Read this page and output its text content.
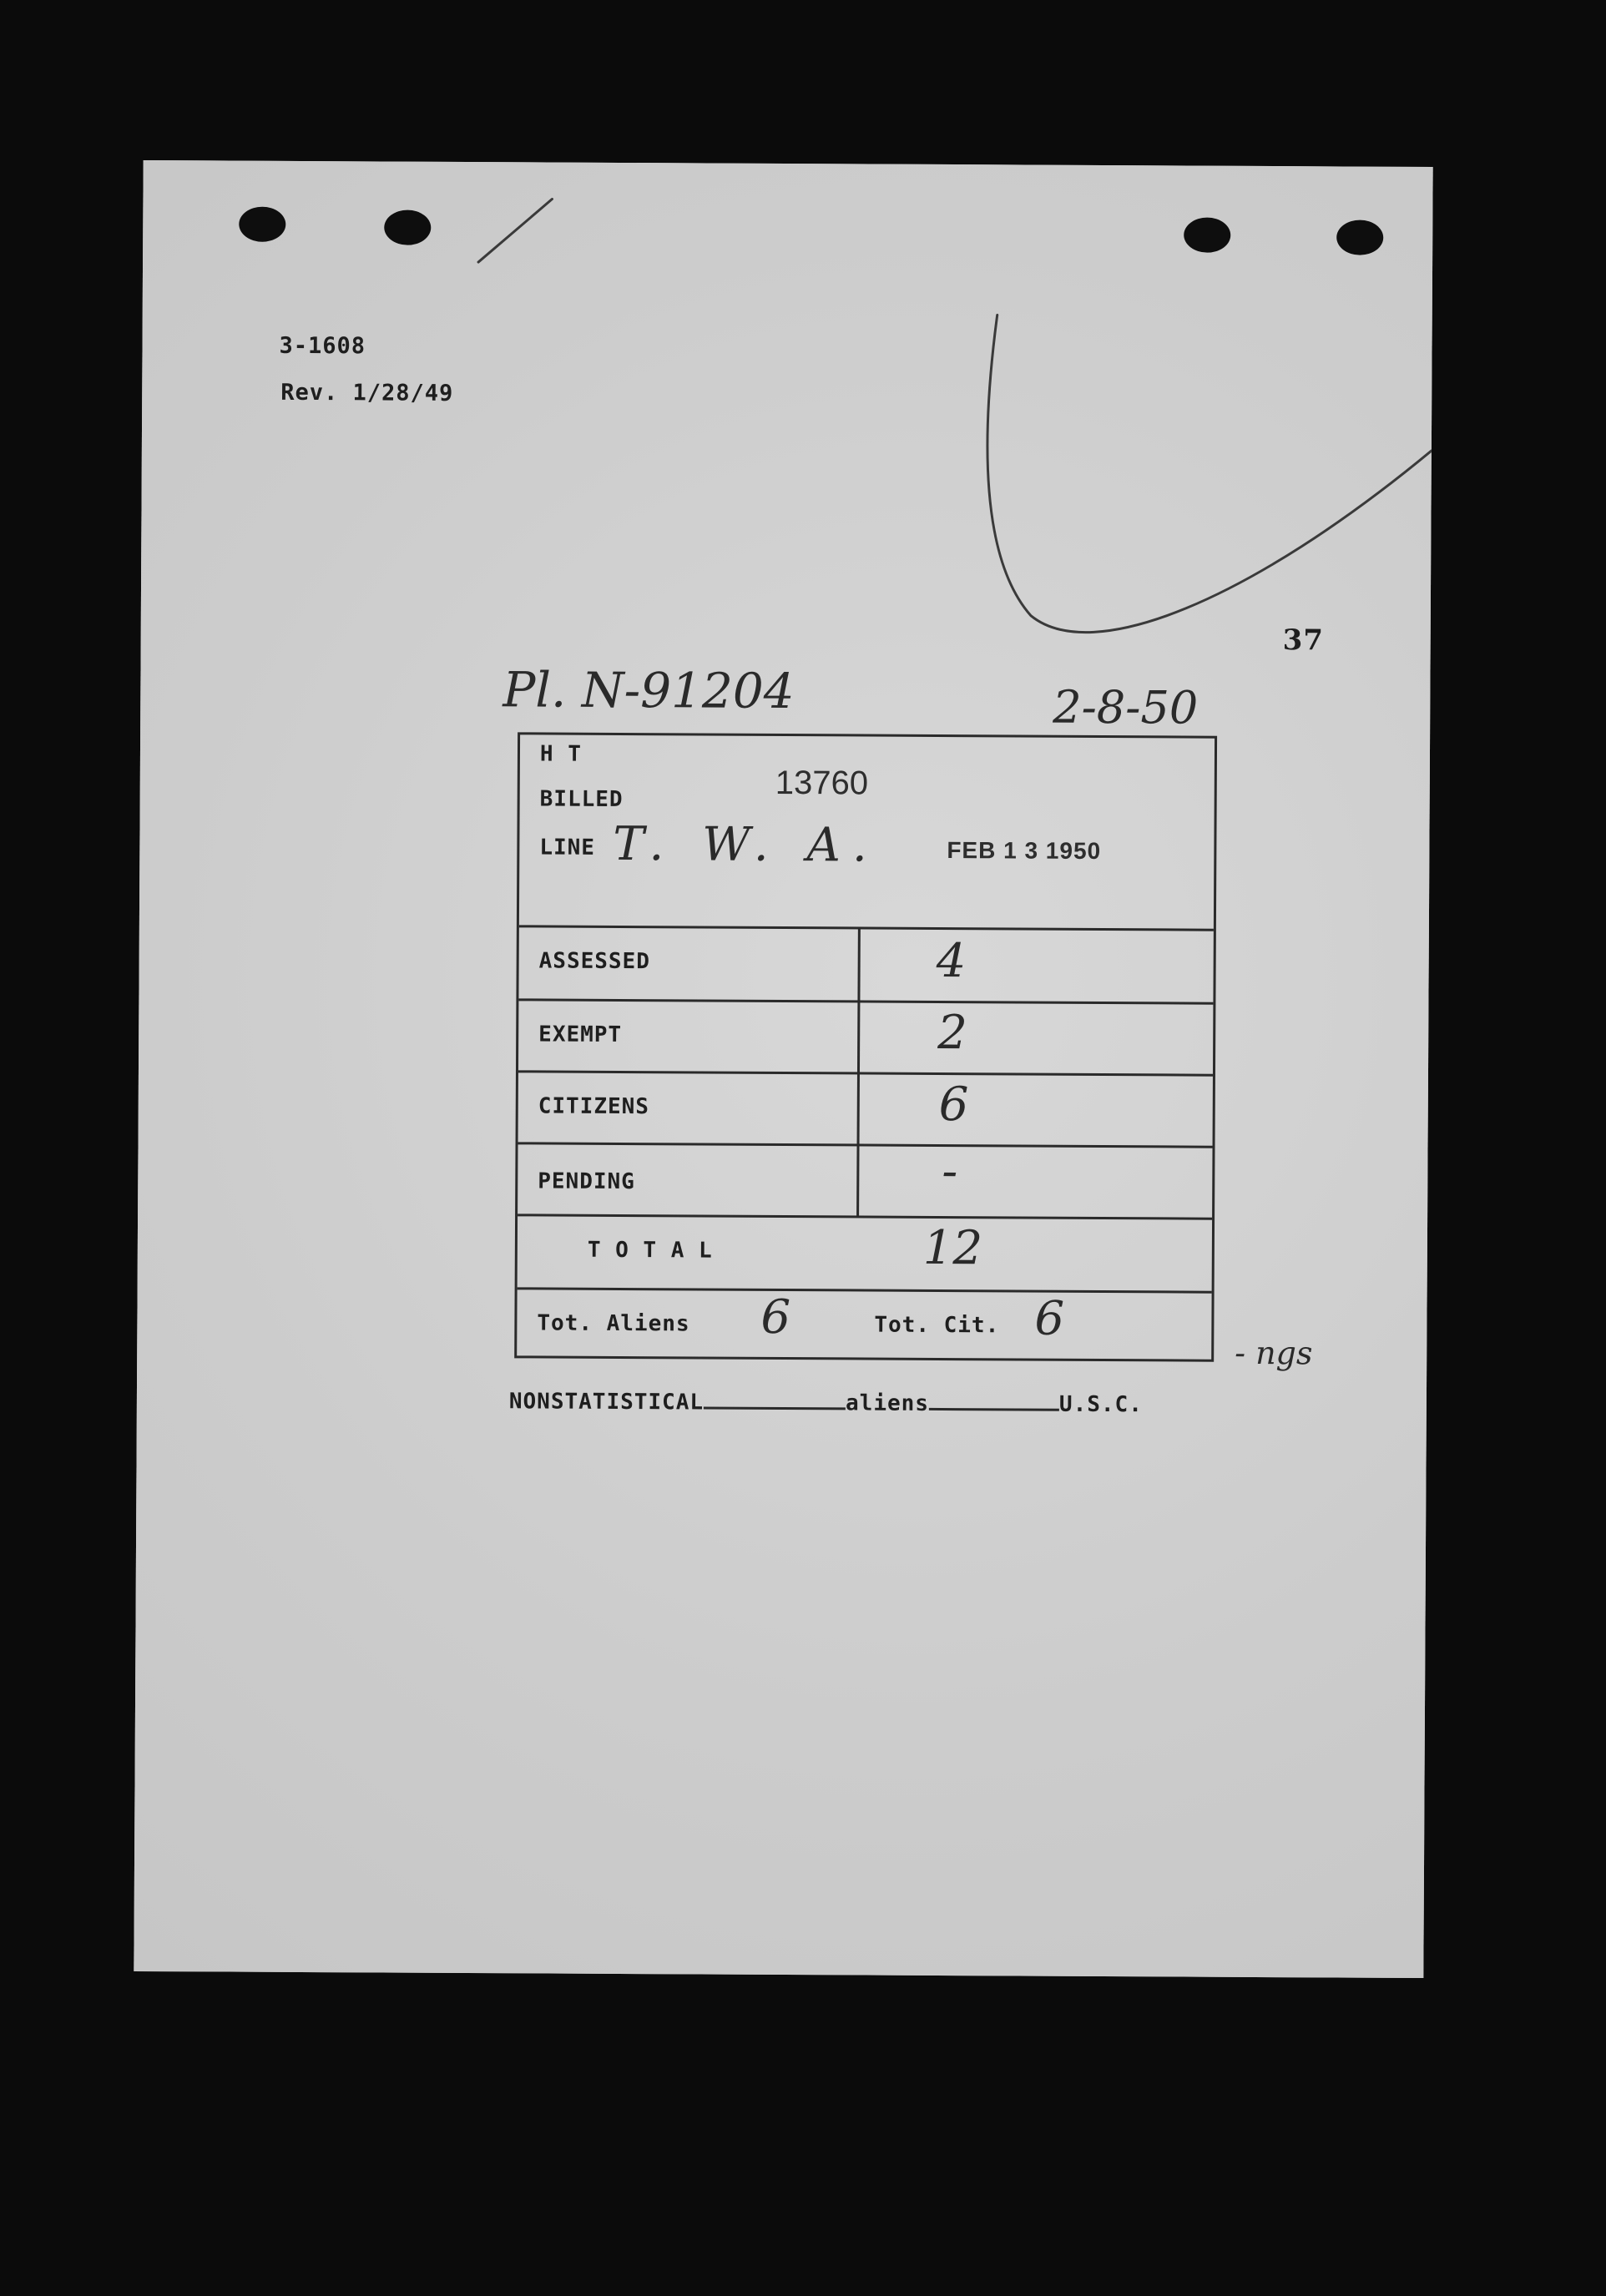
3-1608
Rev. 1/28/49
37
Pl. N-91204	2-8-50
H T
BILLED	13760
LINE T. W. A.	FEB 1 3 1950
ASSESSED	4
EXEMPT	2
CITIZENS	6
PENDING	-
T O T A L	12
Tot. Aliens 6	Tot. Cit. 6
- ngs
NONSTATISTICAL	aliens	U.S.C.
